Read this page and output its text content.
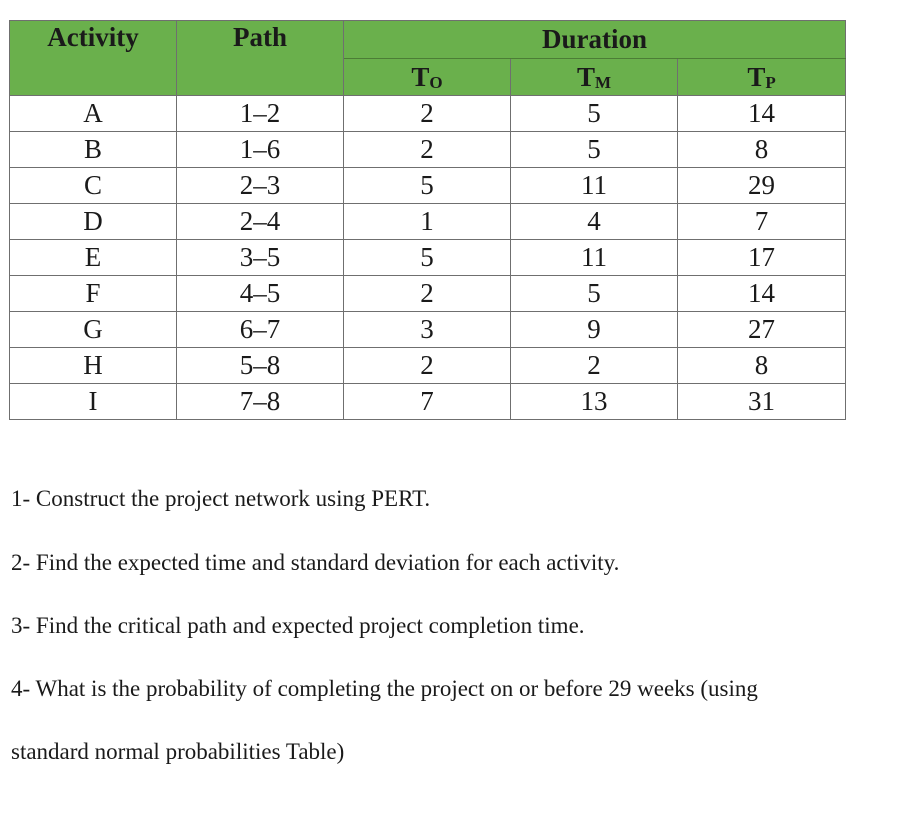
Activity	Path	Duration		
		TO	TM	TP
A	1–2	2	5	14
B	1–6	2	5	8
C	2–3	5	11	29
D	2–4	1	4	7
E	3–5	5	11	17
F	4–5	2	5	14
G	6–7	3	9	27
H	5–8	2	2	8
I	7–8	7	13	31

1- Construct the project network using PERT.

2- Find the expected time and standard deviation for each activity.

3- Find the critical path and expected project completion time.

4- What is the probability of completing the project on or before 29 weeks (using

standard normal probabilities Table)
